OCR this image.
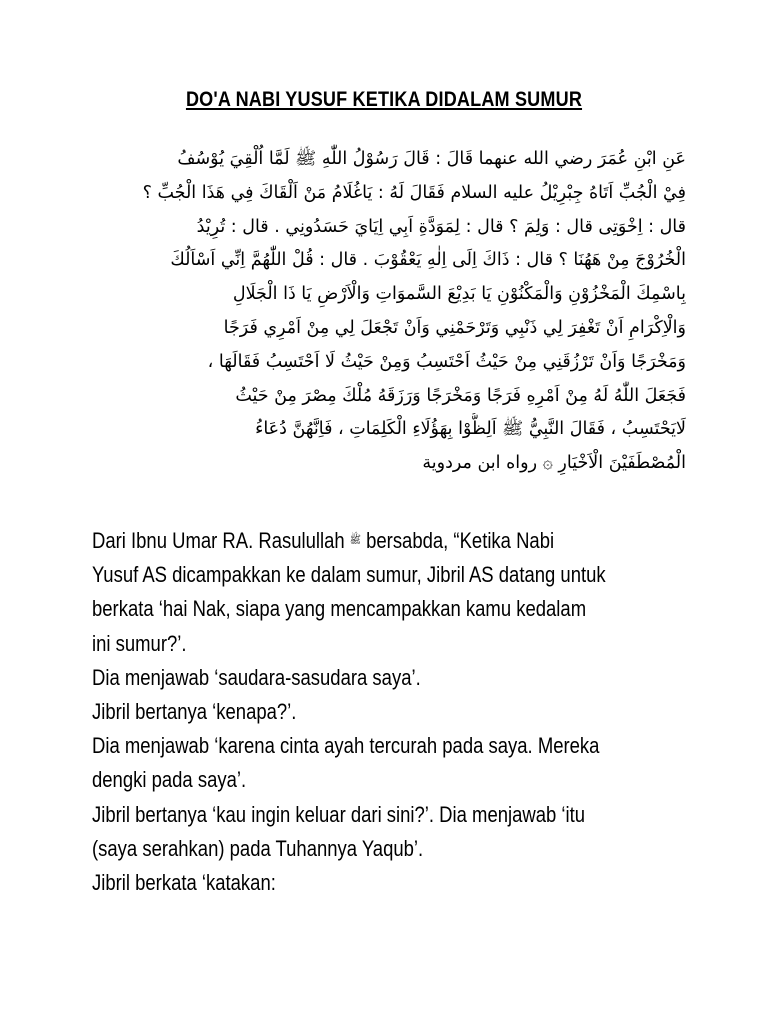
DO'A NABI YUSUF KETIKA DIDALAM SUMUR
عَنِ ابْنِ عُمَرَ رضي الله عنهما قَالَ : قَالَ رَسُوْلُ اللّٰهِ ﷺ لَمَّا اُلْقِيَ يُوْسُفُ
فِيْ الْجُبِّ اَتَاهُ جِبْرِيْلُ عليه السلام فَقَالَ لَهُ : يَاغُلَامُ مَنْ اَلْقَاكَ فِي هَذَا الْجُبِّ ؟
قال : اِخْوَتِى قال : وَلِمَ ؟ قال : لِمَوَدَّةِ اَبِي اِيَايَ حَسَدُونِي . قال : تُرِيْدُ
الْخُرُوْجَ مِنْ هَهُنَا ؟ قال : ذَاكَ اِلَى اِلٰهِ يَعْقُوْبَ . قال : قُلْ اللّٰهُمَّ اِنِّي اَسْاَلُكَ
بِاسْمِكَ الْمَخْزُوْنِ وَالْمَكْنُوْنِ يَا بَدِيْعَ السَّموَاتِ وَالْاَرْضِ يَا ذَا الْجَلَالِ
وَالْاِكْرَامِ اَنْ تَغْفِرَ لِي ذَنْبِي وَتَرْحَمْنِي وَاَنْ تَجْعَلَ لِي مِنْ اَمْرِي فَرَجًا
وَمَخْرَجًا وَاَنْ تَرْزُقَنِي مِنْ حَيْثُ اَحْتَسِبُ وَمِنْ حَيْثُ لَا اَحْتَسِبُ فَقَالَهَا ،
فَجَعَلَ اللّٰهُ لَهُ مِنْ اَمْرِهِ فَرَجًا وَمَخْرَجًا وَرَزَقَهُ مُلْكَ مِصْرَ مِنْ حَيْثُ
لَايَحْتَسِبُ ، فَقَالَ النَّبِيُّ ﷺ اَلِظُّوْا بِهَؤُلَاءِ الْكَلِمَاتِ ، فَاِنَّهُنَّ دُعَاءُ
الْمُصْطَفَيْنَ الْاَخْيَارِ ۞ رواه ابن مردوية
Dari Ibnu Umar RA. Rasulullah $^ﷺ$ bersabda, “Ketika Nabi
Yusuf AS dicampakkan ke dalam sumur, Jibril AS datang untuk
berkata ‘hai Nak, siapa yang mencampakkan kamu kedalam
ini sumur?’.
Dia menjawab ‘saudara-sasudara saya’.
Jibril bertanya ‘kenapa?’.
Dia menjawab ‘karena cinta ayah tercurah pada saya. Mereka
dengki pada saya’.
Jibril bertanya ‘kau ingin keluar dari sini?’. Dia menjawab ‘itu
(saya serahkan) pada Tuhannya Yaqub’.
Jibril berkata ‘katakan:
